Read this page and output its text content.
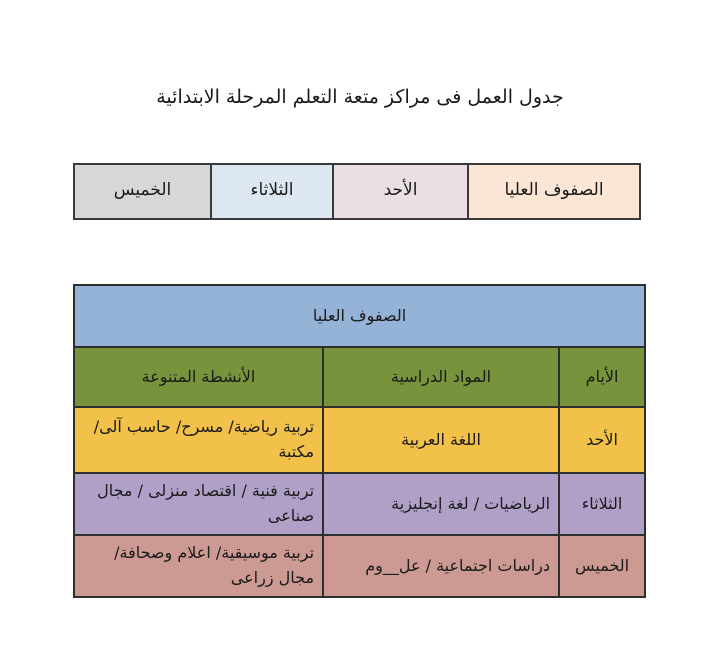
جدول العمل فى مراكز متعة التعلم المرحلة الابتدائية
الصفوف العليا
الأحد
الثلاثاء
الخميس
الصفوف العليا		
الأيام	المواد الدراسية	الأنشطة المتنوعة
الأحد	اللغة العربية	تربية رياضية/ مسرح/ حاسب آلى/ مكتبة
الثلاثاء	الرياضيات / لغة إنجليزية	تربية فنية / اقتصاد منزلى / مجال صناعى
الخميس	دراسات اجتماعية / عل__وم	تربية موسيقية/ اعلام وصحافة/ مجال زراعى
